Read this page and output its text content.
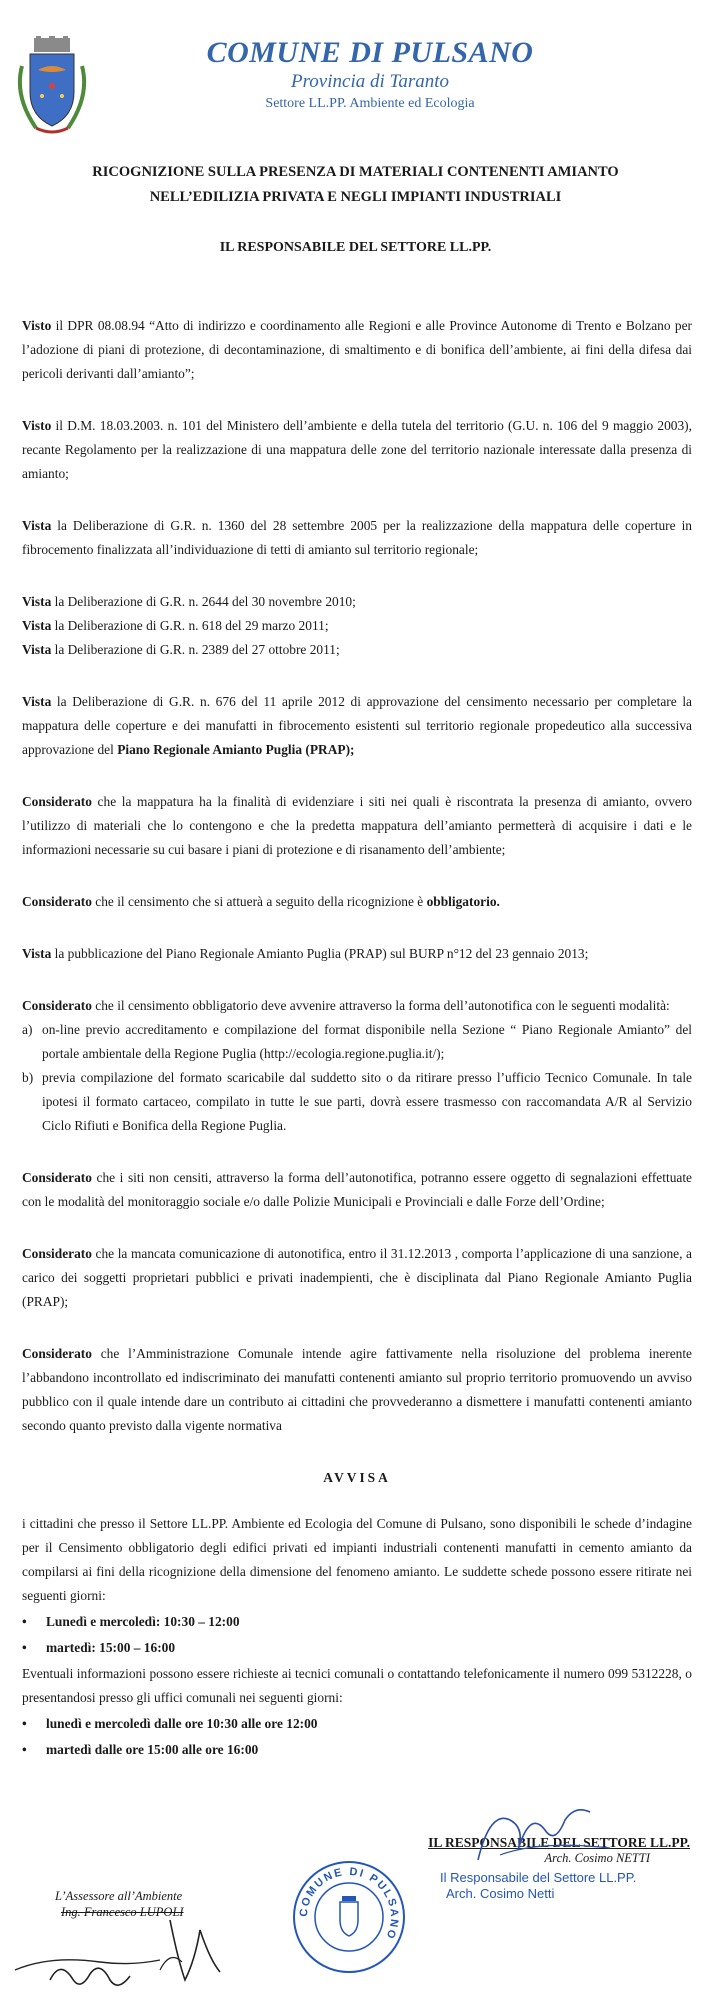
COMUNE DI PULSANO
Provincia di Taranto
Settore LL.PP. Ambiente ed Ecologia
RICOGNIZIONE SULLA PRESENZA DI MATERIALI CONTENENTI AMIANTO
NELL’EDILIZIA PRIVATA E NEGLI IMPIANTI INDUSTRIALI
IL RESPONSABILE DEL SETTORE LL.PP.

Visto il DPR 08.08.94 “Atto di indirizzo e coordinamento alle Regioni e alle Province Autonome di Trento e Bolzano per l’adozione di piani di protezione, di decontaminazione, di smaltimento e di bonifica dell’ambiente, ai fini della difesa dai pericoli derivanti dall’amianto”;

Visto il D.M. 18.03.2003. n. 101 del Ministero dell’ambiente e della tutela del territorio (G.U. n. 106 del 9 maggio 2003), recante Regolamento per la realizzazione di una mappatura delle zone del territorio nazionale interessate dalla presenza di amianto;

Vista la Deliberazione di G.R. n. 1360 del 28 settembre 2005 per la realizzazione della mappatura delle coperture in fibrocemento finalizzata all’individuazione di tetti di amianto sul territorio regionale;

Vista la Deliberazione di G.R. n. 2644 del 30 novembre 2010;
Vista la Deliberazione di G.R. n. 618 del 29 marzo 2011;
Vista la Deliberazione di G.R. n. 2389 del 27 ottobre 2011;

Vista la Deliberazione di G.R. n. 676 del 11 aprile 2012 di approvazione del censimento necessario per completare la mappatura delle coperture e dei manufatti in fibrocemento esistenti sul territorio regionale propedeutico alla successiva approvazione del Piano Regionale Amianto Puglia (PRAP);

Considerato che la mappatura ha la finalità di evidenziare i siti nei quali è riscontrata la presenza di amianto, ovvero l’utilizzo di materiali che lo contengono e che la predetta mappatura dell’amianto permetterà di acquisire i dati e le informazioni necessarie su cui basare i piani di protezione e di risanamento dell’ambiente;

Considerato che il censimento che si attuerà a seguito della ricognizione è obbligatorio.

Vista la pubblicazione del Piano Regionale Amianto Puglia (PRAP) sul BURP n°12 del 23 gennaio 2013;

Considerato che il censimento obbligatorio deve avvenire attraverso la forma dell’autonotifica con le seguenti modalità:
a) on-line previo accreditamento e compilazione del format disponibile nella Sezione “ Piano Regionale Amianto” del portale ambientale della Regione Puglia (http://ecologia.regione.puglia.it/);
b) previa compilazione del formato scaricabile dal suddetto sito o da ritirare presso l’ufficio Tecnico Comunale. In tale ipotesi il formato cartaceo, compilato in tutte le sue parti, dovrà essere trasmesso con raccomandata A/R al Servizio Ciclo Rifiuti e Bonifica della Regione Puglia.

Considerato che i siti non censiti, attraverso la forma dell’autonotifica, potranno essere oggetto di segnalazioni effettuate con le modalità del monitoraggio sociale e/o dalle Polizie Municipali e Provinciali e dalle Forze dell’Ordine;

Considerato che la mancata comunicazione di autonotifica, entro il 31.12.2013 , comporta l’applicazione di una sanzione, a carico dei soggetti proprietari pubblici e privati inadempienti, che è disciplinata dal Piano Regionale Amianto Puglia (PRAP);

Considerato che l’Amministrazione Comunale intende agire fattivamente nella risoluzione del problema inerente l’abbandono incontrollato ed indiscriminato dei manufatti contenenti amianto sul proprio territorio promuovendo un avviso pubblico con il quale intende dare un contributo ai cittadini che provvederanno a dismettere i manufatti contenenti amianto secondo quanto previsto dalla vigente normativa

AVVISA
i cittadini che presso il Settore LL.PP. Ambiente ed Ecologia del Comune di Pulsano, sono disponibili le schede d’indagine per il Censimento obbligatorio degli edifici privati ed impianti industriali contenenti manufatti in cemento amianto da compilarsi ai fini della ricognizione della dimensione del fenomeno amianto. Le suddette schede possono essere ritirate nei seguenti giorni:
•	Lunedì e mercoledì: 10:30 – 12:00
•	martedì: 15:00 – 16:00
Eventuali informazioni possono essere richieste ai tecnici comunali o contattando telefonicamente il numero 099 5312228, o presentandosi presso gli uffici comunali nei seguenti giorni:
•	lunedì e mercoledì dalle ore 10:30 alle ore 12:00
•	martedì dalle ore 15:00 alle ore 16:00
IL RESPONSABILE DEL SETTORE LL.PP.
Arch. Cosimo NETTI
COMUNE DI PULSANO
Il Responsabile del Settore LL.PP.
Arch. Cosimo Netti
L’Assessore all’Ambiente
Ing. Francesco LUPOLI
